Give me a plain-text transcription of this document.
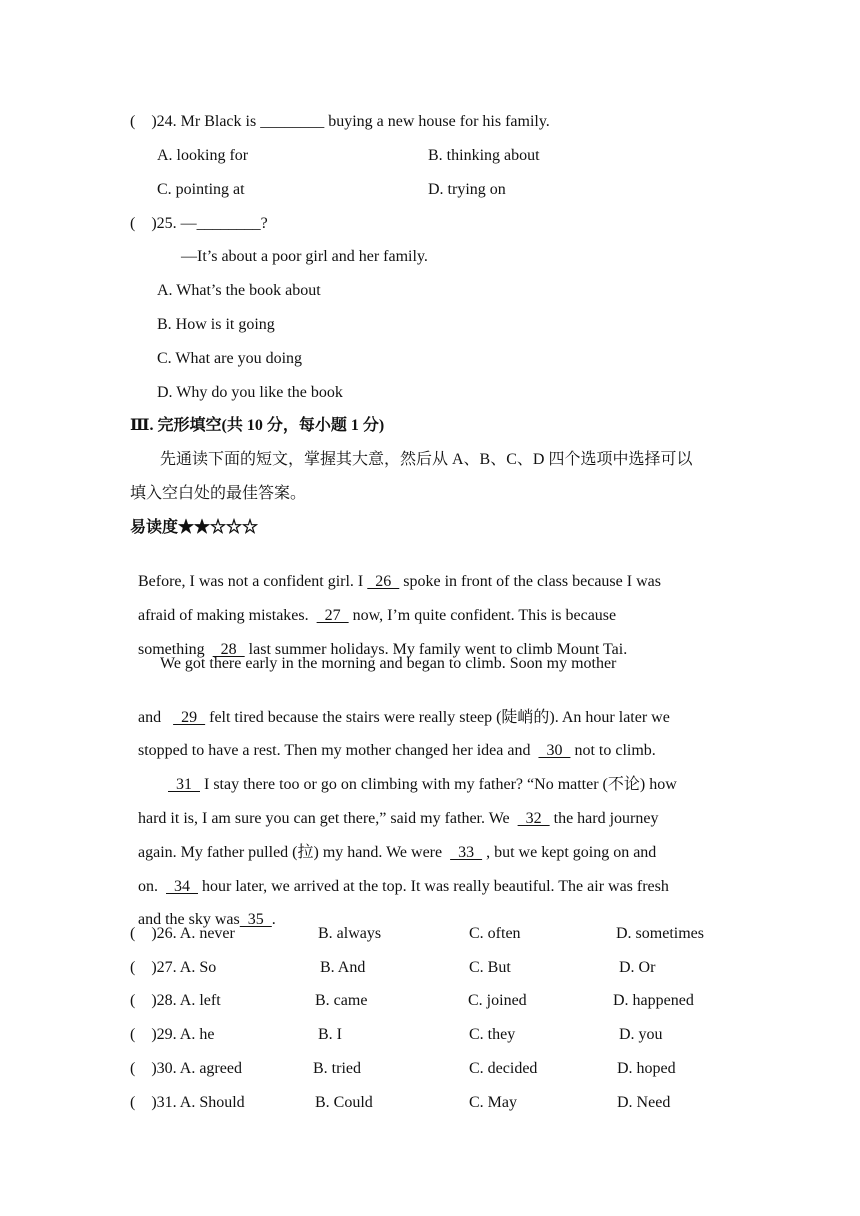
(    )24. Mr Black is ________ buying a new house for his family.
A. looking for	B. thinking about
C. pointing at	D. trying on
(    )25. —________?
—It’s about a poor girl and her family.
A. What’s the book about
B. How is it going
C. What are you doing
D. Why do you like the book
Ⅲ. 完形填空(共 10 分，每小题 1 分)
先通读下面的短文，掌握其大意，然后从 A、B、C、D 四个选项中选择可以
填入空白处的最佳答案。
易读度★★☆☆☆

Before, I was not a confident girl. I   26   spoke in front of the class because I was

afraid of making mistakes.    27   now, I’m quite confident. This is because

something    28   last summer holidays. My family went to climb Mount Tai.

We got there early in the morning and began to climb. Soon my mother

and     29   felt tired because the stairs were really steep (陡峭的). An hour later we

stopped to have a rest. Then my mother changed her idea and    30   not to climb.

31   I stay there too or go on climbing with my father? “No matter (不论) how

hard it is, I am sure you can get there,” said my father. We    32   the hard journey

again. My father pulled (拉) my hand. We were    33   , but we kept going on and

on.    34   hour later, we arrived at the top. It was really beautiful. The air was fresh

and the sky was  35  .

(    )26. A. never	B. always	C. often	D. sometimes
(    )27. A. So	B. And	C. But	D. Or
(    )28. A. left	B. came	C. joined	D. happened
(    )29. A. he	B. I	C. they	D. you
(    )30. A. agreed	B. tried	C. decided	D. hoped
(    )31. A. Should	B. Could	C. May	D. Need
